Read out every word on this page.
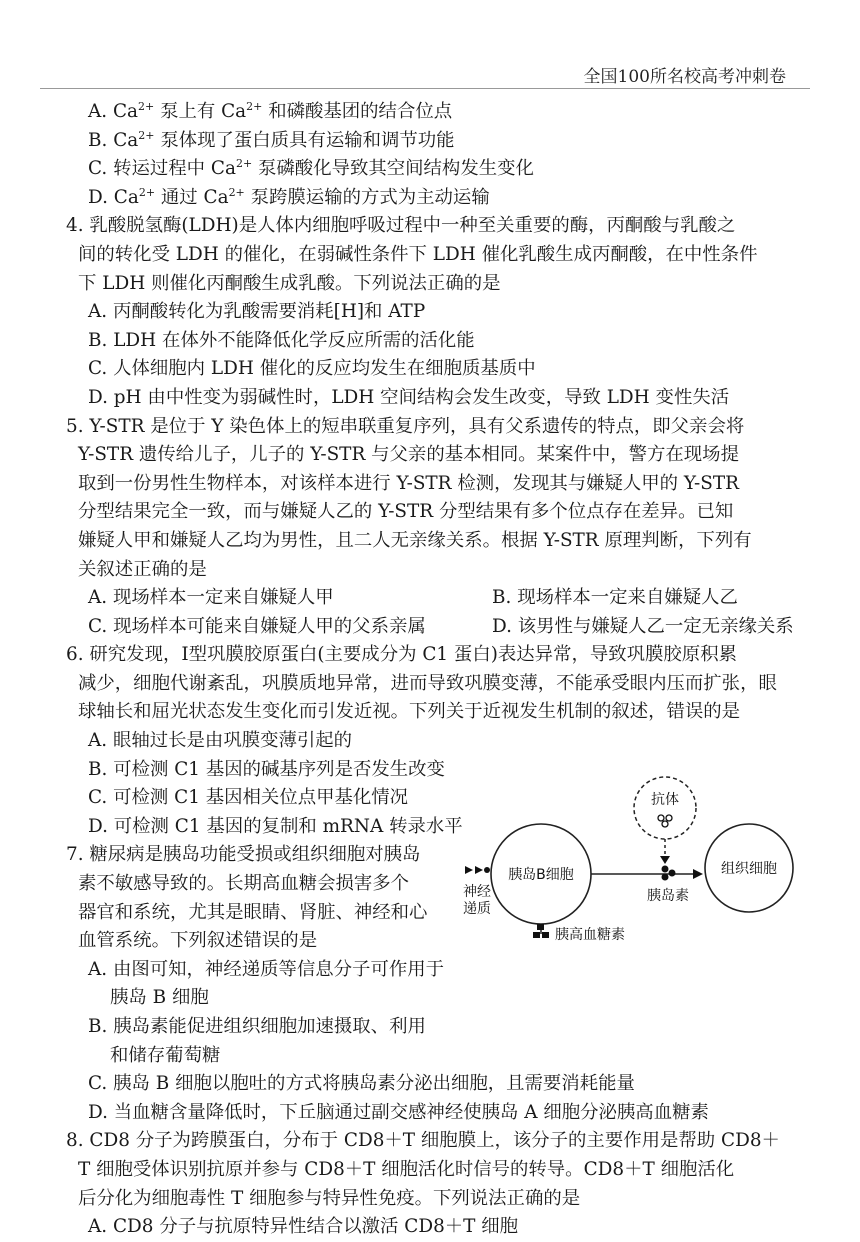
全国100所名校高考冲刺卷
A. $Ca^{2+}$ 泵上有 $Ca^{2+}$ 和磷酸基团的结合位点
B. $Ca^{2+}$ 泵体现了蛋白质具有运输和调节功能
C. 转运过程中 $Ca^{2+}$ 泵磷酸化导致其空间结构发生变化
D. $Ca^{2+}$ 通过 $Ca^{2+}$ 泵跨膜运输的方式为主动运输
4. 乳酸脱氢酶(LDH)是人体内细胞呼吸过程中一种至关重要的酶，丙酮酸与乳酸之
间的转化受 LDH 的催化，在弱碱性条件下 LDH 催化乳酸生成丙酮酸，在中性条件
下 LDH 则催化丙酮酸生成乳酸。下列说法正确的是
A. 丙酮酸转化为乳酸需要消耗[H]和 ATP
B. LDH 在体外不能降低化学反应所需的活化能
C. 人体细胞内 LDH 催化的反应均发生在细胞质基质中
D. pH 由中性变为弱碱性时，LDH 空间结构会发生改变，导致 LDH 变性失活
5. Y-STR 是位于 Y 染色体上的短串联重复序列，具有父系遗传的特点，即父亲会将
Y-STR 遗传给儿子，儿子的 Y-STR 与父亲的基本相同。某案件中，警方在现场提
取到一份男性生物样本，对该样本进行 Y-STR 检测，发现其与嫌疑人甲的 Y-STR
分型结果完全一致，而与嫌疑人乙的 Y-STR 分型结果有多个位点存在差异。已知
嫌疑人甲和嫌疑人乙均为男性，且二人无亲缘关系。根据 Y-STR 原理判断，下列有
关叙述正确的是
A. 现场样本一定来自嫌疑人甲	B. 现场样本一定来自嫌疑人乙
C. 现场样本可能来自嫌疑人甲的父系亲属	D. 该男性与嫌疑人乙一定无亲缘关系
6. 研究发现，Ⅰ型巩膜胶原蛋白(主要成分为 C1 蛋白)表达异常，导致巩膜胶原积累
减少，细胞代谢紊乱，巩膜质地异常，进而导致巩膜变薄，不能承受眼内压而扩张，眼
球轴长和屈光状态发生变化而引发近视。下列关于近视发生机制的叙述，错误的是
A. 眼轴过长是由巩膜变薄引起的
B. 可检测 C1 基因的碱基序列是否发生改变
C. 可检测 C1 基因相关位点甲基化情况
D. 可检测 C1 基因的复制和 mRNA 转录水平
7. 糖尿病是胰岛功能受损或组织细胞对胰岛
素不敏感导致的。长期高血糖会损害多个
器官和系统，尤其是眼睛、肾脏、神经和心
血管系统。下列叙述错误的是
A. 由图可知，神经递质等信息分子可作用于
胰岛 B 细胞
B. 胰岛素能促进组织细胞加速摄取、利用
和储存葡萄糖
C. 胰岛 B 细胞以胞吐的方式将胰岛素分泌出细胞，且需要消耗能量
D. 当血糖含量降低时，下丘脑通过副交感神经使胰岛 A 细胞分泌胰高血糖素
8. CD8 分子为跨膜蛋白，分布于 CD8＋T 细胞膜上，该分子的主要作用是帮助 CD8＋
T 细胞受体识别抗原并参与 CD8＋T 细胞活化时信号的转导。CD8＋T 细胞活化
后分化为细胞毒性 T 细胞参与特异性免疫。下列说法正确的是
A. CD8 分子与抗原特异性结合以激活 CD8＋T 细胞
抗体
胰岛B细胞
神经
递质
胰岛素
组织细胞
胰高血糖素
